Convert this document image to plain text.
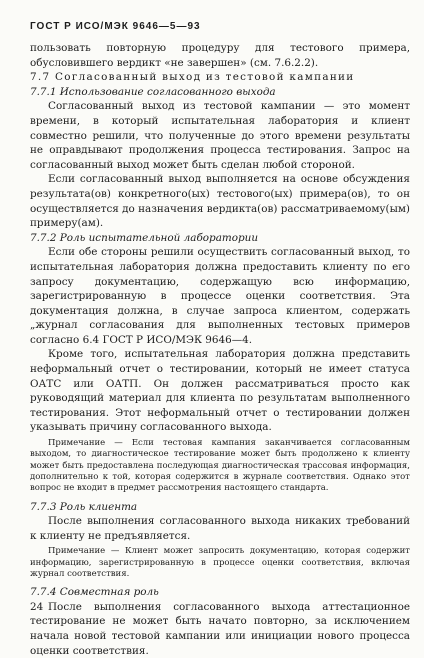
ГОСТ Р ИСО/МЭК 9646—5—93

пользовать повторную процедуру для тестового примера, обусловившего вердикт «не завершен» (см. 7.6.2.2).

7.7 Согласованный выход из тестовой кампании

7.7.1 Использование согласованного выхода

Согласованный выход из тестовой кампании — это момент времени, в который испытательная лаборатория и клиент совместно решили, что полученные до этого времени результаты не оправдывают продолжения процесса тестирования. Запрос на согласованный выход может быть сделан любой стороной.

Если согласованный выход выполняется на основе обсуждения результата(ов) конкретного(ых) тестового(ых) примера(ов), то он осуществляется до назначения вердикта(ов) рассматриваемому(ым) примеру(ам).

7.7.2 Роль испытательной лаборатории

Если обе стороны решили осуществить согласованный выход, то испытательная лаборатория должна предоставить клиенту по его запросу документацию, содержащую всю информацию, зарегистрированную в процессе оценки соответствия. Эта документация должна, в случае запроса клиентом, содержать „журнал согласования для выполненных тестовых примеров согласно 6.4 ГОСТ Р ИСО/МЭК 9646—4.

Кроме того, испытательная лаборатория должна представить неформальный отчет о тестировании, который не имеет статуса ОАТС или ОАТП. Он должен рассматриваться просто как руководящий материал для клиента по результатам выполненного тестирования. Этот неформальный отчет о тестировании должен указывать причину согласованного выхода.

Примечание — Если тестовая кампания заканчивается согласованным выходом, то диагностическое тестирование может быть продолжено к клиенту может быть предоставлена последующая диагностическая трассовая информация, дополнительно к той, которая содержится в журнале соответствия. Однако этот вопрос не входит в предмет рассмотрения настоящего стандарта.

7.7.3 Роль клиента

После выполнения согласованного выхода никаких требований к клиенту не предъявляется.

Примечание — Клиент может запросить документацию, которая содержит информацию, зарегистрированную в процессе оценки соответствия, включая журнал соответствия.

7.7.4 Совместная роль

После выполнения согласованного выхода аттестационное тестирование не может быть начато повторно, за исключением начала новой тестовой кампании или инициации нового процесса оценки соответствия.

24
